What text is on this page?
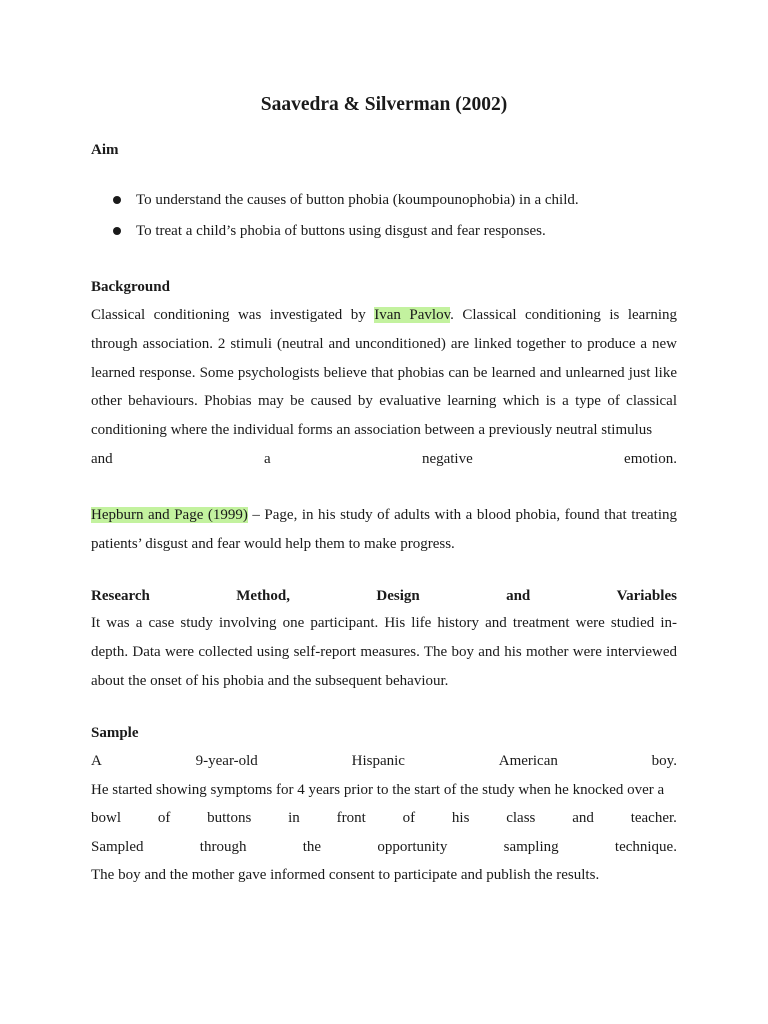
Saavedra & Silverman (2002)
Aim
To understand the causes of button phobia (koumpounophobia) in a child.
To treat a child’s phobia of buttons using disgust and fear responses.
Background

Classical conditioning was investigated by Ivan Pavlov. Classical conditioning is learning through association. 2 stimuli (neutral and unconditioned) are linked together to produce a new learned response. Some psychologists believe that phobias can be learned and unlearned just like other behaviours. Phobias may be caused by evaluative learning which is a type of classical conditioning where the individual forms an association between a previously neutral stimulus

and	a	negative	emotion.

Hepburn and Page (1999) – Page, in his study of adults with a blood phobia, found that treating patients’ disgust and fear would help them to make progress.

Research	Method,	Design	and	Variables

It was a case study involving one participant. His life history and treatment were studied in-depth. Data were collected using self-report measures. The boy and his mother were interviewed about the onset of his phobia and the subsequent behaviour.

Sample
A	9-year-old	Hispanic	American	boy.
He started showing symptoms for 4 years prior to the start of the study when he knocked over a
bowl of buttons in front of his class and teacher.
Sampled	through	the	opportunity	sampling	technique.
The boy and the mother gave informed consent to participate and publish the results.
